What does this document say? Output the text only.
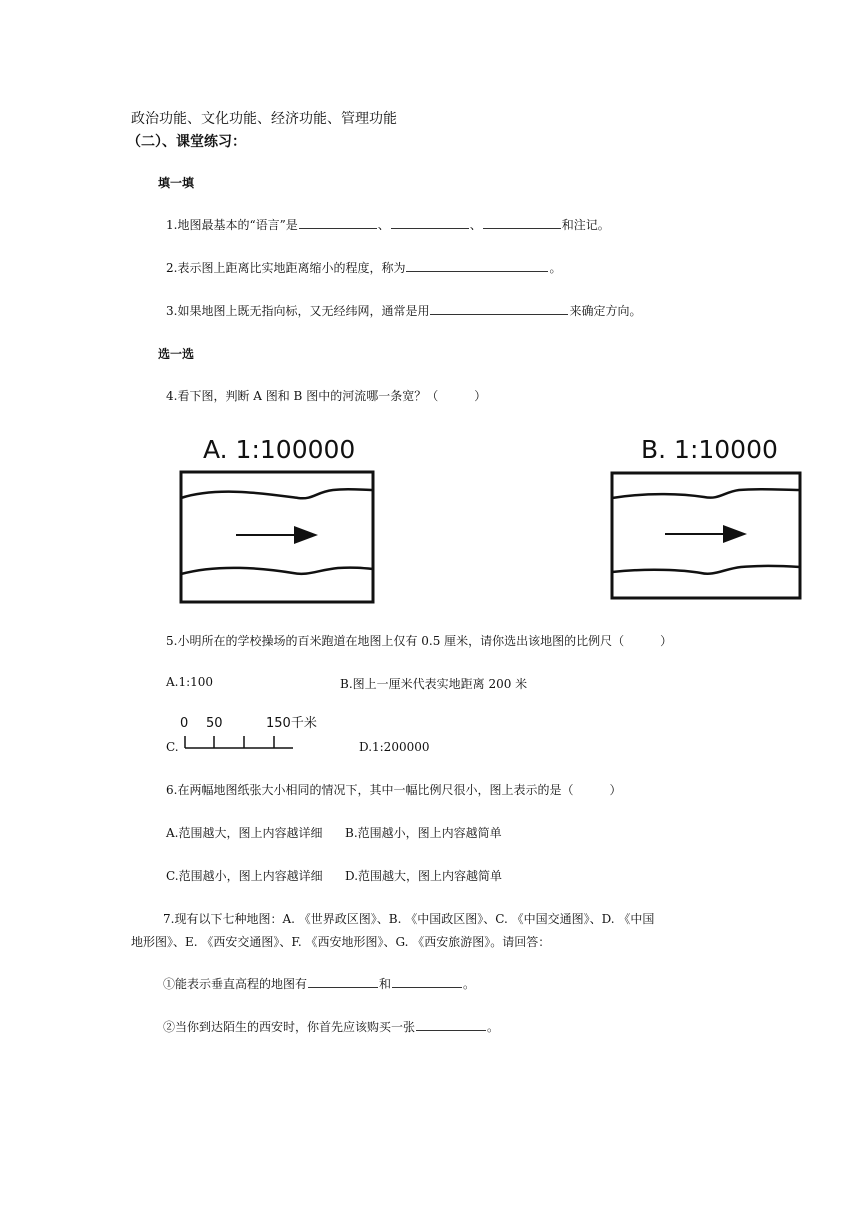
政治功能、文化功能、经济功能、管理功能
（二）、课堂练习：
填一填
1.地图最基本的“语言”是	、	、	和注记。
2.表示图上距离比实地距离缩小的程度，称为	。
3.如果地图上既无指向标，又无经纬网，通常是用	来确定方向。
选一选
4.看下图，判断 A 图和 B 图中的河流哪一条宽？（　　　）
A. 1:100000	B. 1:10000
5.小明所在的学校操场的百米跑道在地图上仅有 0.5 厘米，请你选出该地图的比例尺（　　　）
A.1:100	B.图上一厘米代表实地距离 200 米
C.
0 50	150千米
D.1:200000
6.在两幅地图纸张大小相同的情况下，其中一幅比例尺很小，图上表示的是（　　　）
A.范围越大，图上内容越详细 B.范围越小，图上内容越简单
C.范围越小，图上内容越详细 D.范围越大，图上内容越简单
7.现有以下七种地图：A. 《世界政区图》、B. 《中国政区图》、C. 《中国交通图》、D. 《中国
地形图》、E. 《西安交通图》、F. 《西安地形图》、G. 《西安旅游图》。请回答：
①能表示垂直高程的地图有	和	。
②当你到达陌生的西安时，你首先应该购买一张	。
